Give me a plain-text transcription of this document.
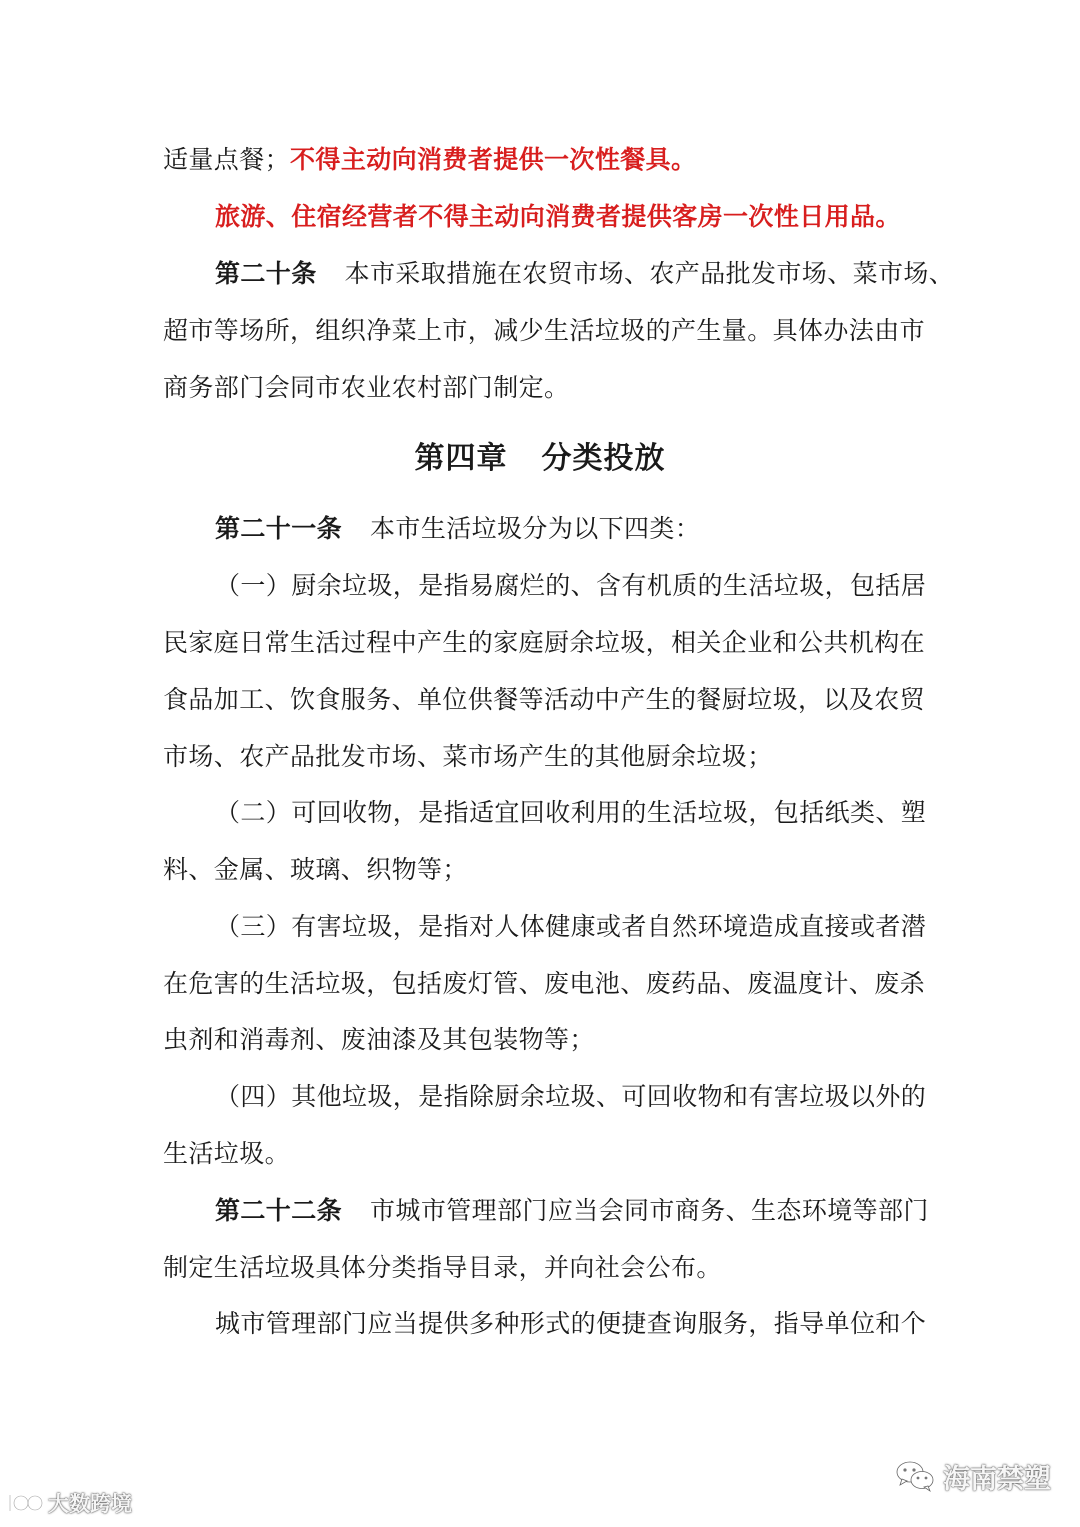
适量点餐；不得主动向消费者提供一次性餐具。
旅游、住宿经营者不得主动向消费者提供客房一次性日用品。
第二十条 本市采取措施在农贸市场、农产品批发市场、菜市场、
超市等场所，组织净菜上市，减少生活垃圾的产生量。具体办法由市
商务部门会同市农业农村部门制定。
第四章 分类投放
第二十一条 本市生活垃圾分为以下四类：
（一）厨余垃圾，是指易腐烂的、含有机质的生活垃圾，包括居
民家庭日常生活过程中产生的家庭厨余垃圾，相关企业和公共机构在
食品加工、饮食服务、单位供餐等活动中产生的餐厨垃圾，以及农贸
市场、农产品批发市场、菜市场产生的其他厨余垃圾；
（二）可回收物，是指适宜回收利用的生活垃圾，包括纸类、塑
料、金属、玻璃、织物等；
（三）有害垃圾，是指对人体健康或者自然环境造成直接或者潜
在危害的生活垃圾，包括废灯管、废电池、废药品、废温度计、废杀
虫剂和消毒剂、废油漆及其包装物等；
（四）其他垃圾，是指除厨余垃圾、可回收物和有害垃圾以外的
生活垃圾。
第二十二条 市城市管理部门应当会同市商务、生态环境等部门
制定生活垃圾具体分类指导目录，并向社会公布。
城市管理部门应当提供多种形式的便捷查询服务，指导单位和个
大数跨境
海南禁塑
